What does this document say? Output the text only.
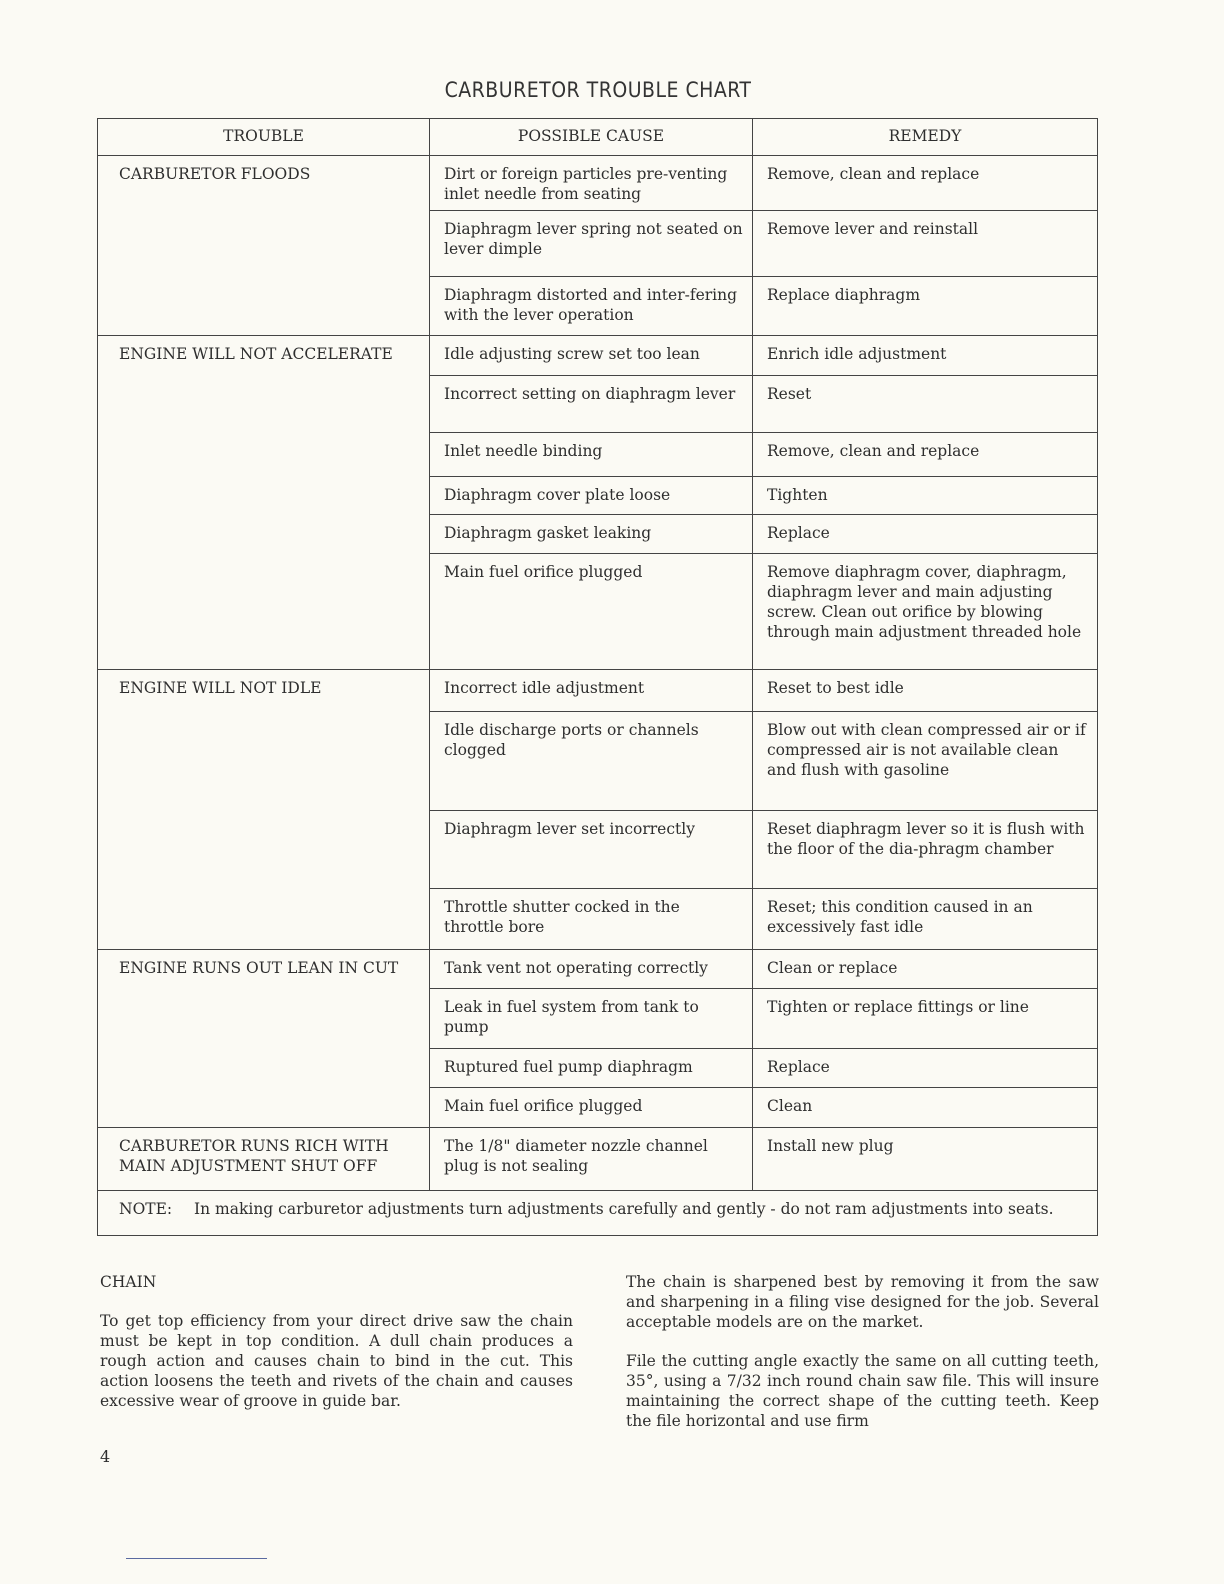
CARBURETOR TROUBLE CHART
TROUBLE	POSSIBLE CAUSE	REMEDY
CARBURETOR FLOODS	Dirt or foreign particles pre-venting inlet needle from seating	Remove, clean and replace
	Diaphragm lever spring not seated on lever dimple	Remove lever and reinstall
	Diaphragm distorted and inter-fering with the lever operation	Replace diaphragm
ENGINE WILL NOT ACCELERATE	Idle adjusting screw set too lean	Enrich idle adjustment
	Incorrect setting on diaphragm lever	Reset
	Inlet needle binding	Remove, clean and replace
	Diaphragm cover plate loose	Tighten
	Diaphragm gasket leaking	Replace
	Main fuel orifice plugged	Remove diaphragm cover, diaphragm, diaphragm lever and main adjusting screw. Clean out orifice by blowing through main adjustment threaded hole
ENGINE WILL NOT IDLE	Incorrect idle adjustment	Reset to best idle
	Idle discharge ports or channels clogged	Blow out with clean compressed air or if compressed air is not available clean and flush with gasoline
	Diaphragm lever set incorrectly	Reset diaphragm lever so it is flush with the floor of the dia-phragm chamber
	Throttle shutter cocked in the throttle bore	Reset; this condition caused in an excessively fast idle
ENGINE RUNS OUT LEAN IN CUT	Tank vent not operating correctly	Clean or replace
	Leak in fuel system from tank to pump	Tighten or replace fittings or line
	Ruptured fuel pump diaphragm	Replace
	Main fuel orifice plugged	Clean
CARBURETOR RUNS RICH WITH MAIN ADJUSTMENT SHUT OFF	The 1/8" diameter nozzle channel plug is not sealing	Install new plug

NOTE: In making carburetor adjustments turn adjustments carefully and gently - do not ram adjustments into seats.		
CHAIN

To get top efficiency from your direct drive saw the chain must be kept in top condition. A dull chain produces a rough action and causes chain to bind in the cut. This action loosens the teeth and rivets of the chain and causes excessive wear of groove in guide bar.

The chain is sharpened best by removing it from the saw and sharpening in a filing vise designed for the job. Several acceptable models are on the market.

File the cutting angle exactly the same on all cutting teeth, 35°, using a 7/32 inch round chain saw file. This will insure maintaining the correct shape of the cutting teeth. Keep the file horizontal and use firm

4
